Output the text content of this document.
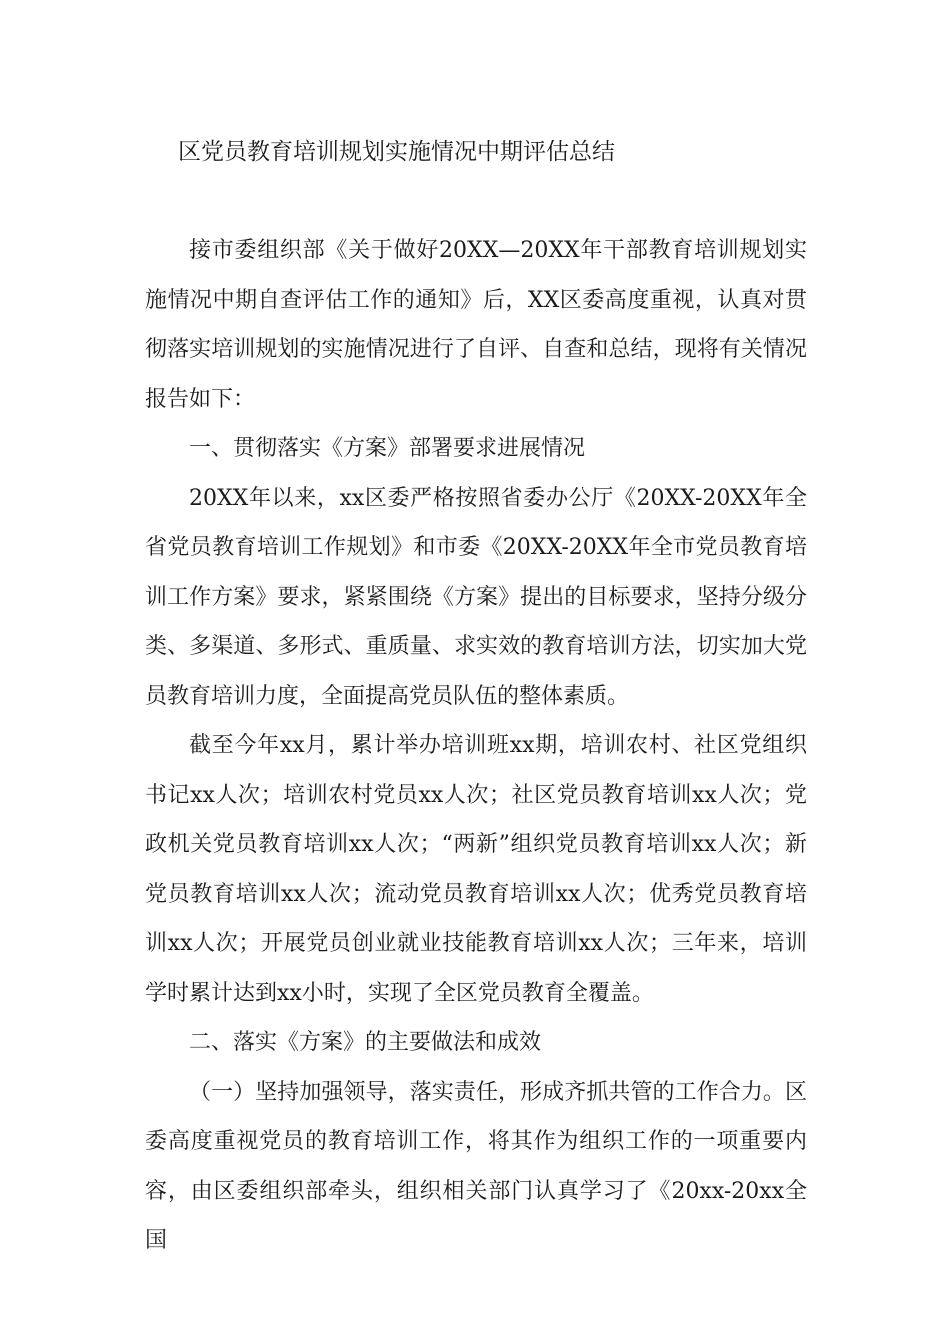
区党员教育培训规划实施情况中期评估总结

接市委组织部《关于做好20XX—20XX年干部教育培训规划实施情况中期自查评估工作的通知》后，XX区委高度重视，认真对贯彻落实培训规划的实施情况进行了自评、自查和总结，现将有关情况报告如下：

一、贯彻落实《方案》部署要求进展情况

20XX年以来，xx区委严格按照省委办公厅《20XX-20XX年全省党员教育培训工作规划》和市委《20XX-20XX年全市党员教育培训工作方案》要求，紧紧围绕《方案》提出的目标要求，坚持分级分类、多渠道、多形式、重质量、求实效的教育培训方法，切实加大党员教育培训力度，全面提高党员队伍的整体素质。

截至今年xx月，累计举办培训班xx期，培训农村、社区党组织书记xx人次；培训农村党员xx人次；社区党员教育培训xx人次；党政机关党员教育培训xx人次；“两新”组织党员教育培训xx人次；新党员教育培训xx人次；流动党员教育培训xx人次；优秀党员教育培训xx人次；开展党员创业就业技能教育培训xx人次；三年来，培训学时累计达到xx小时，实现了全区党员教育全覆盖。

二、落实《方案》的主要做法和成效

（一）坚持加强领导，落实责任，形成齐抓共管的工作合力。区委高度重视党员的教育培训工作，将其作为组织工作的一项重要内容，由区委组织部牵头，组织相关部门认真学习了《20xx-20xx全国
